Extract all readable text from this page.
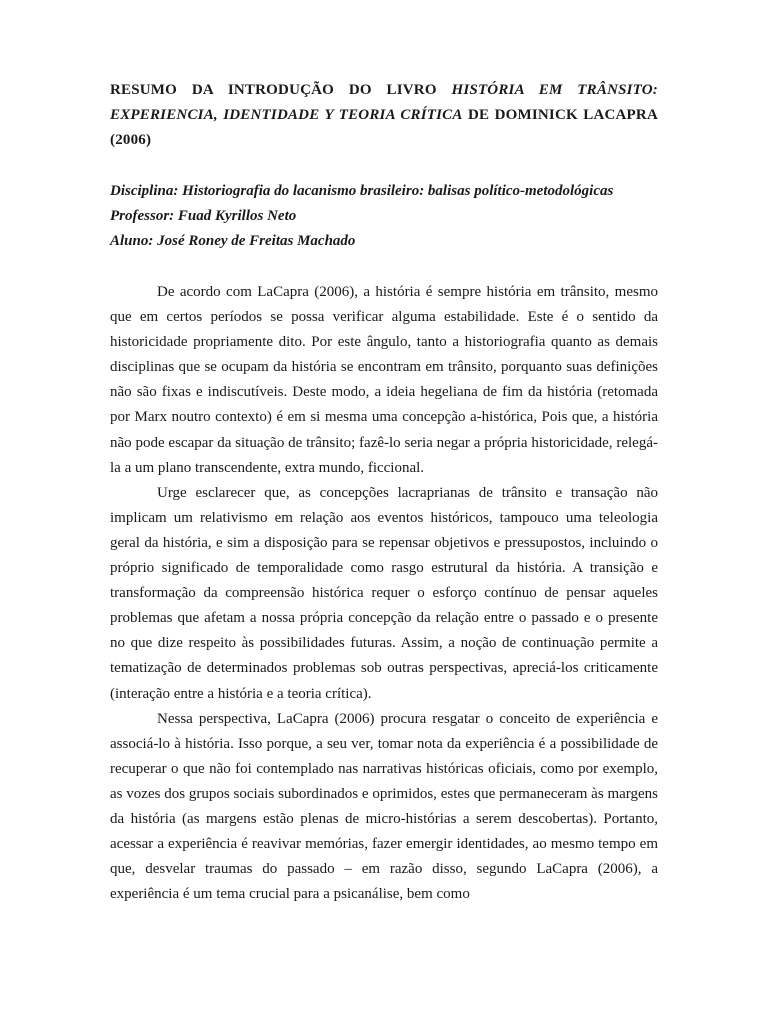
RESUMO DA INTRODUÇÃO DO LIVRO HISTÓRIA EM TRÂNSITO: EXPERIENCIA, IDENTIDADE Y TEORIA CRÍTICA DE DOMINICK LACAPRA (2006)

Disciplina: Historiografia do lacanismo brasileiro: balisas político-metodológicas

Professor: Fuad Kyrillos Neto

Aluno: José Roney de Freitas Machado

De acordo com LaCapra (2006), a história é sempre história em trânsito, mesmo que em certos períodos se possa verificar alguma estabilidade. Este é o sentido da historicidade propriamente dito. Por este ângulo, tanto a historiografia quanto as demais disciplinas que se ocupam da história se encontram em trânsito, porquanto suas definições não são fixas e indiscutíveis. Deste modo, a ideia hegeliana de fim da história (retomada por Marx noutro contexto) é em si mesma uma concepção a-histórica, Pois que, a história não pode escapar da situação de trânsito; fazê-lo seria negar a própria historicidade, relegá-la a um plano transcendente, extra mundo, ficcional.

Urge esclarecer que, as concepções lacraprianas de trânsito e transação não implicam um relativismo em relação aos eventos históricos, tampouco uma teleologia geral da história, e sim a disposição para se repensar objetivos e pressupostos, incluindo o próprio significado de temporalidade como rasgo estrutural da história. A transição e transformação da compreensão histórica requer o esforço contínuo de pensar aqueles problemas que afetam a nossa própria concepção da relação entre o passado e o presente no que dize respeito às possibilidades futuras. Assim, a noção de continuação permite a tematização de determinados problemas sob outras perspectivas, apreciá-los criticamente (interação entre a história e a teoria crítica).

Nessa perspectiva, LaCapra (2006) procura resgatar o conceito de experiência e associá-lo à história. Isso porque, a seu ver, tomar nota da experiência é a possibilidade de recuperar o que não foi contemplado nas narrativas históricas oficiais, como por exemplo, as vozes dos grupos sociais subordinados e oprimidos, estes que permaneceram às margens da história (as margens estão plenas de micro-histórias a serem descobertas). Portanto, acessar a experiência é reavivar memórias, fazer emergir identidades, ao mesmo tempo em que, desvelar traumas do passado – em razão disso, segundo LaCapra (2006), a experiência é um tema crucial para a psicanálise, bem como
